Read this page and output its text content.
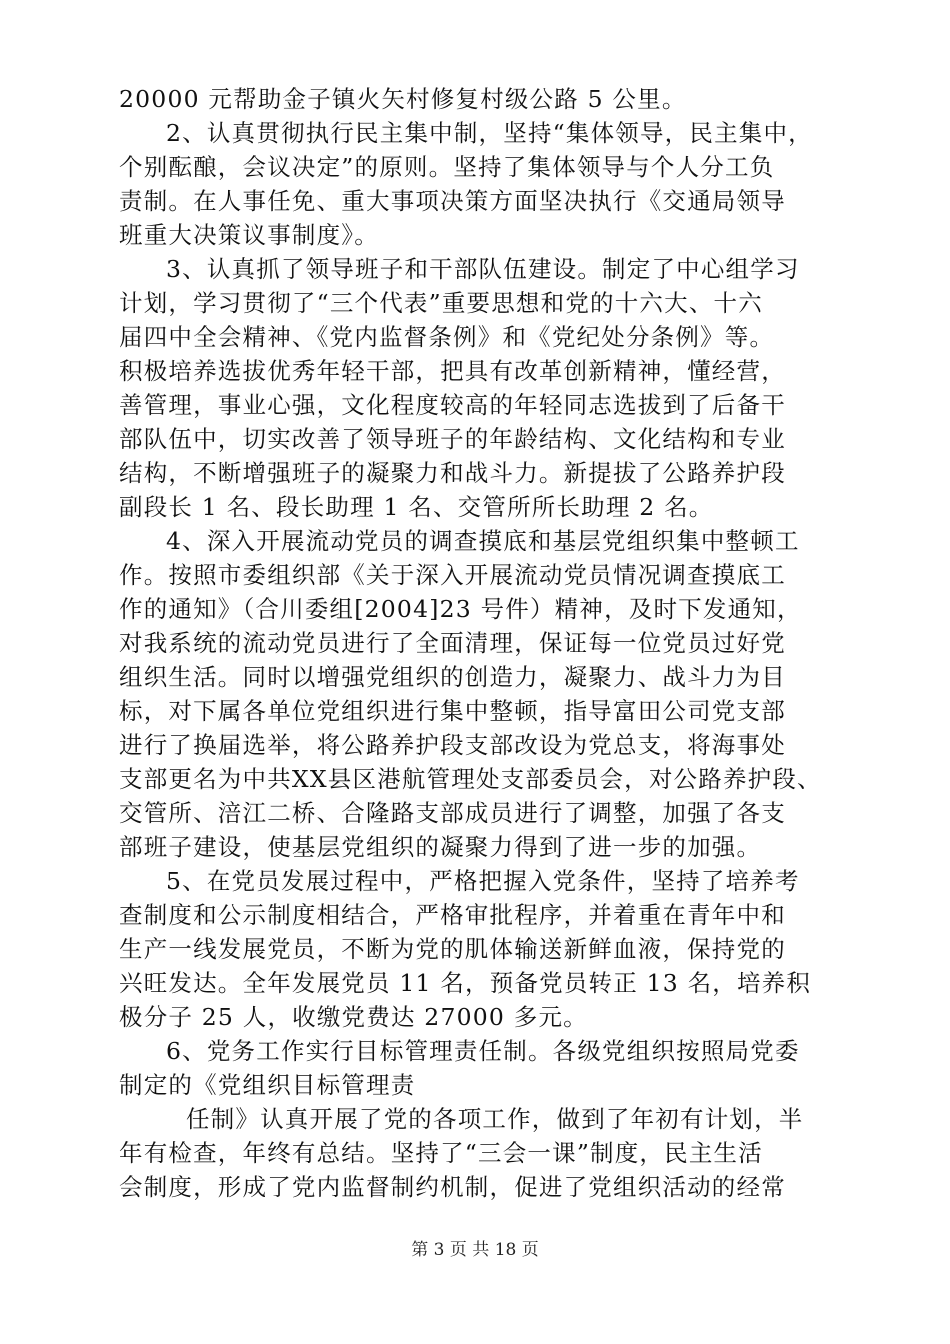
20000 元帮助金子镇火矢村修复村级公路 5 公里。
2、认真贯彻执行民主集中制，坚持“集体领导，民主集中，
个别酝酿，会议决定”的原则。坚持了集体领导与个人分工负
责制。在人事任免、重大事项决策方面坚决执行《交通局领导
班重大决策议事制度》。
3、认真抓了领导班子和干部队伍建设。制定了中心组学习
计划，学习贯彻了“三个代表”重要思想和党的十六大、十六
届四中全会精神、《党内监督条例》和《党纪处分条例》等。
积极培养选拔优秀年轻干部，把具有改革创新精神，懂经营，
善管理，事业心强，文化程度较高的年轻同志选拔到了后备干
部队伍中，切实改善了领导班子的年龄结构、文化结构和专业
结构，不断增强班子的凝聚力和战斗力。新提拔了公路养护段
副段长 1 名、段长助理 1 名、交管所所长助理 2 名。
4、深入开展流动党员的调查摸底和基层党组织集中整顿工
作。按照市委组织部《关于深入开展流动党员情况调查摸底工
作的通知》（合川委组[2004]23 号件）精神，及时下发通知，
对我系统的流动党员进行了全面清理，保证每一位党员过好党
组织生活。同时以增强党组织的创造力，凝聚力、战斗力为目
标，对下属各单位党组织进行集中整顿，指导富田公司党支部
进行了换届选举，将公路养护段支部改设为党总支，将海事处
支部更名为中共XX县区港航管理处支部委员会，对公路养护段、
交管所、涪江二桥、合隆路支部成员进行了调整，加强了各支
部班子建设，使基层党组织的凝聚力得到了进一步的加强。
5、在党员发展过程中，严格把握入党条件，坚持了培养考
查制度和公示制度相结合，严格审批程序，并着重在青年中和
生产一线发展党员，不断为党的肌体输送新鲜血液，保持党的
兴旺发达。全年发展党员 11 名，预备党员转正 13 名，培养积
极分子 25 人，收缴党费达 27000 多元。
6、党务工作实行目标管理责任制。各级党组织按照局党委
制定的《党组织目标管理责
任制》认真开展了党的各项工作，做到了年初有计划，半
年有检查，年终有总结。坚持了“三会一课”制度，民主生活
会制度，形成了党内监督制约机制，促进了党组织活动的经常
第 3 页 共 18 页
